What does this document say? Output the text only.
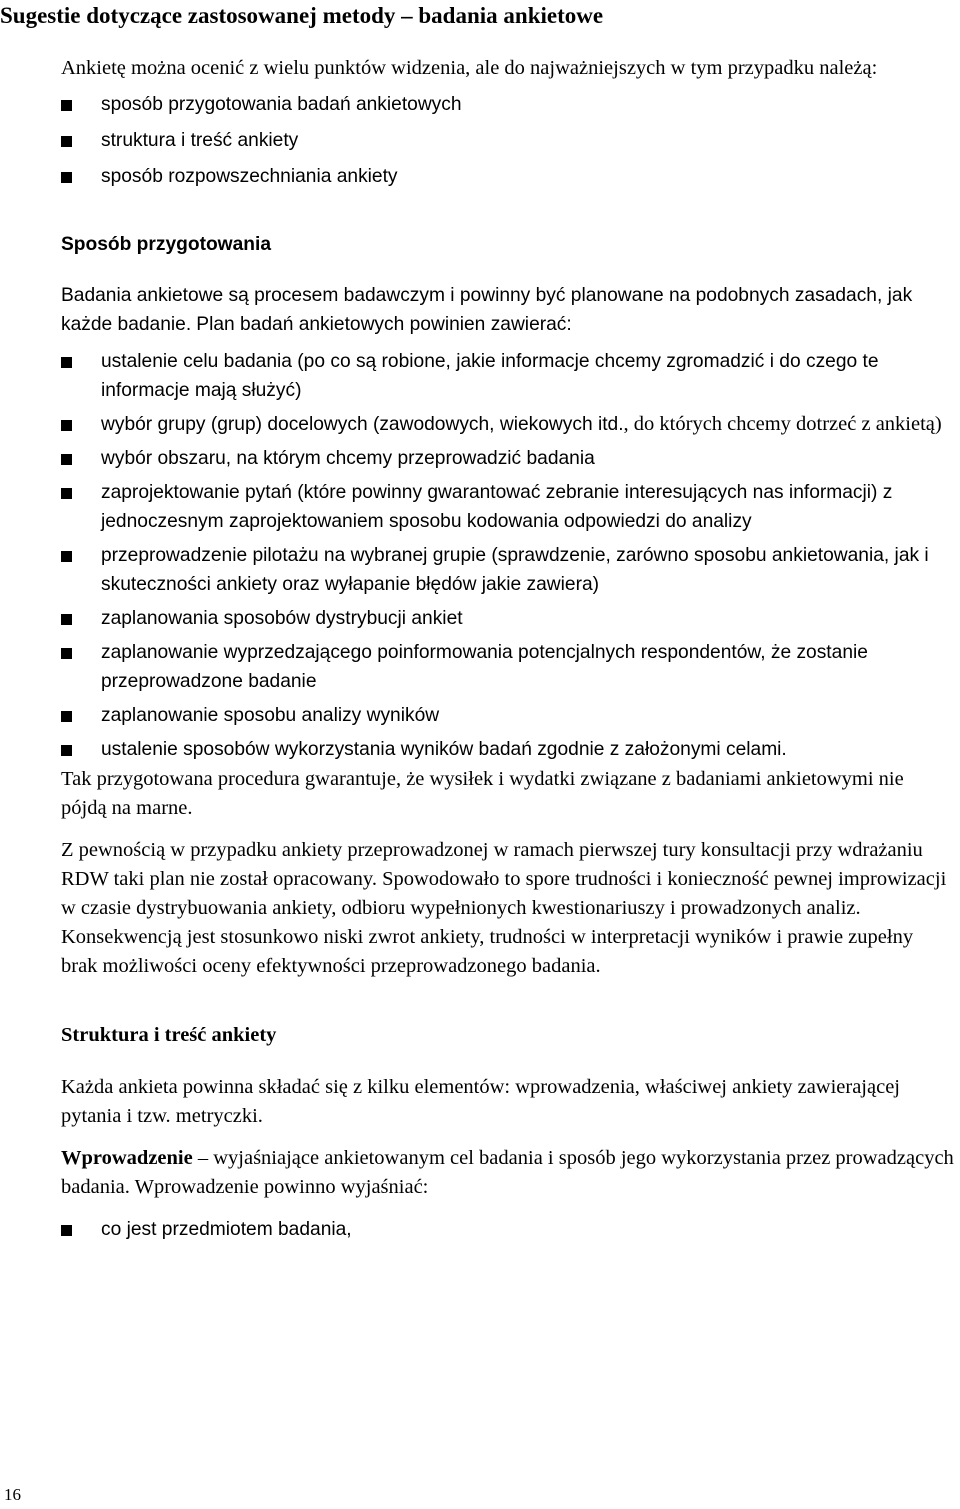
Sugestie dotyczące zastosowanej metody – badania ankietowe

Ankietę można ocenić z wielu punktów widzenia, ale do najważniejszych w tym przypadku należą:

sposób przygotowania badań ankietowych
struktura i treść ankiety
sposób rozpowszechniania ankiety
Sposób przygotowania

Badania ankietowe są procesem badawczym i powinny być planowane na podobnych zasadach, jak każde badanie. Plan badań ankietowych powinien zawierać:

ustalenie celu badania (po co są robione, jakie informacje chcemy zgromadzić i do czego te informacje mają służyć)
wybór grupy (grup) docelowych (zawodowych, wiekowych itd., do których chcemy dotrzeć z ankietą)
wybór obszaru, na którym chcemy przeprowadzić badania
zaprojektowanie pytań (które powinny gwarantować zebranie interesujących nas informacji) z jednoczesnym zaprojektowaniem sposobu kodowania odpowiedzi do analizy
przeprowadzenie pilotażu na wybranej grupie (sprawdzenie, zarówno sposobu ankietowania, jak i skuteczności ankiety oraz wyłapanie błędów jakie zawiera)
zaplanowania sposobów dystrybucji ankiet
zaplanowanie wyprzedzającego poinformowania potencjalnych respondentów, że zostanie przeprowadzone badanie
zaplanowanie sposobu analizy wyników
ustalenie sposobów wykorzystania wyników badań zgodnie z założonymi celami.

Tak przygotowana procedura gwarantuje, że wysiłek i wydatki związane z badaniami ankietowymi nie pójdą na marne.

Z pewnością w przypadku ankiety przeprowadzonej w ramach pierwszej tury konsultacji przy wdrażaniu RDW taki plan nie został opracowany. Spowodowało to spore trudności i konieczność pewnej improwizacji w czasie dystrybuowania ankiety, odbioru wypełnionych kwestionariuszy i prowadzonych analiz. Konsekwencją jest stosunkowo niski zwrot ankiety, trudności w interpretacji wyników i prawie zupełny brak możliwości oceny efektywności przeprowadzonego badania.

Struktura i treść ankiety

Każda ankieta powinna składać się z kilku elementów: wprowadzenia, właściwej ankiety zawierającej pytania i tzw. metryczki.

Wprowadzenie – wyjaśniające ankietowanym cel badania i sposób jego wykorzystania przez prowadzących badania. Wprowadzenie powinno wyjaśniać:

co jest przedmiotem badania,
16
